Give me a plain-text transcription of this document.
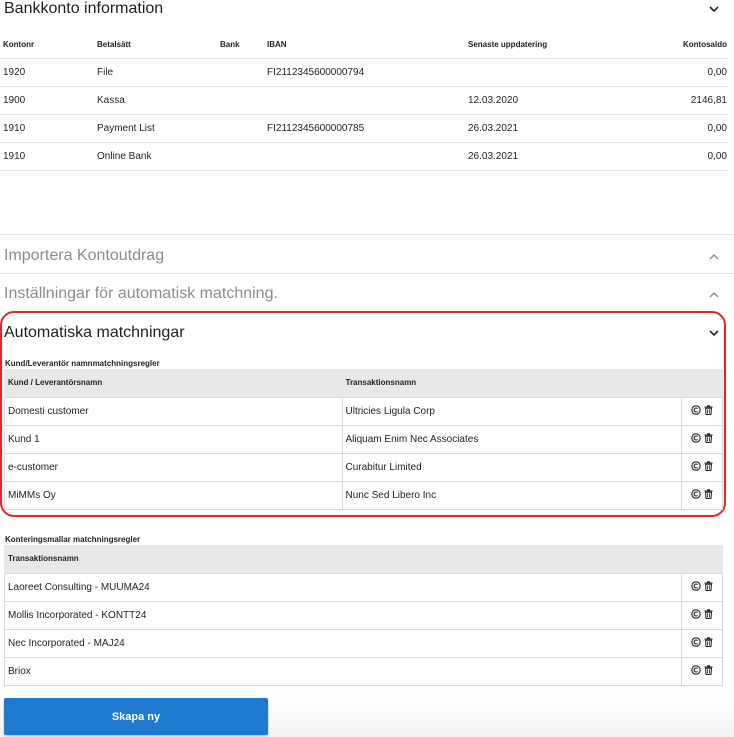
Bankkonto information
Kontonr	Betalsätt	Bank	IBAN	Senaste uppdatering	Kontosaldo
1920	File		FI2112345600000794		0,00
1900	Kassa			12.03.2020	2146,81
1910	Payment List		FI2112345600000785	26.03.2021	0,00
1910	Online Bank			26.03.2021	0,00
Importera Kontoutdrag
Inställningar för automatisk matchning.
Automatiska matchningar
Kund/Leverantör namnmatchningsregler
Kund / Leverantörsnamn	Transaktionsnamn	
Domesti customer	Ultricies Ligula Corp	

Kund 1	Aliquam Enim Nec Associates	

e-customer	Curabitur Limited	

MiMMs Oy	Nunc Sed Libero Inc	
Konteringsmallar matchningsregler
Transaktionsnamn	
Laoreet Consulting - MUUMA24	

Mollis Incorporated - KONTT24	

Nec Incorporated - MAJ24	

Briox	
Skapa ny
